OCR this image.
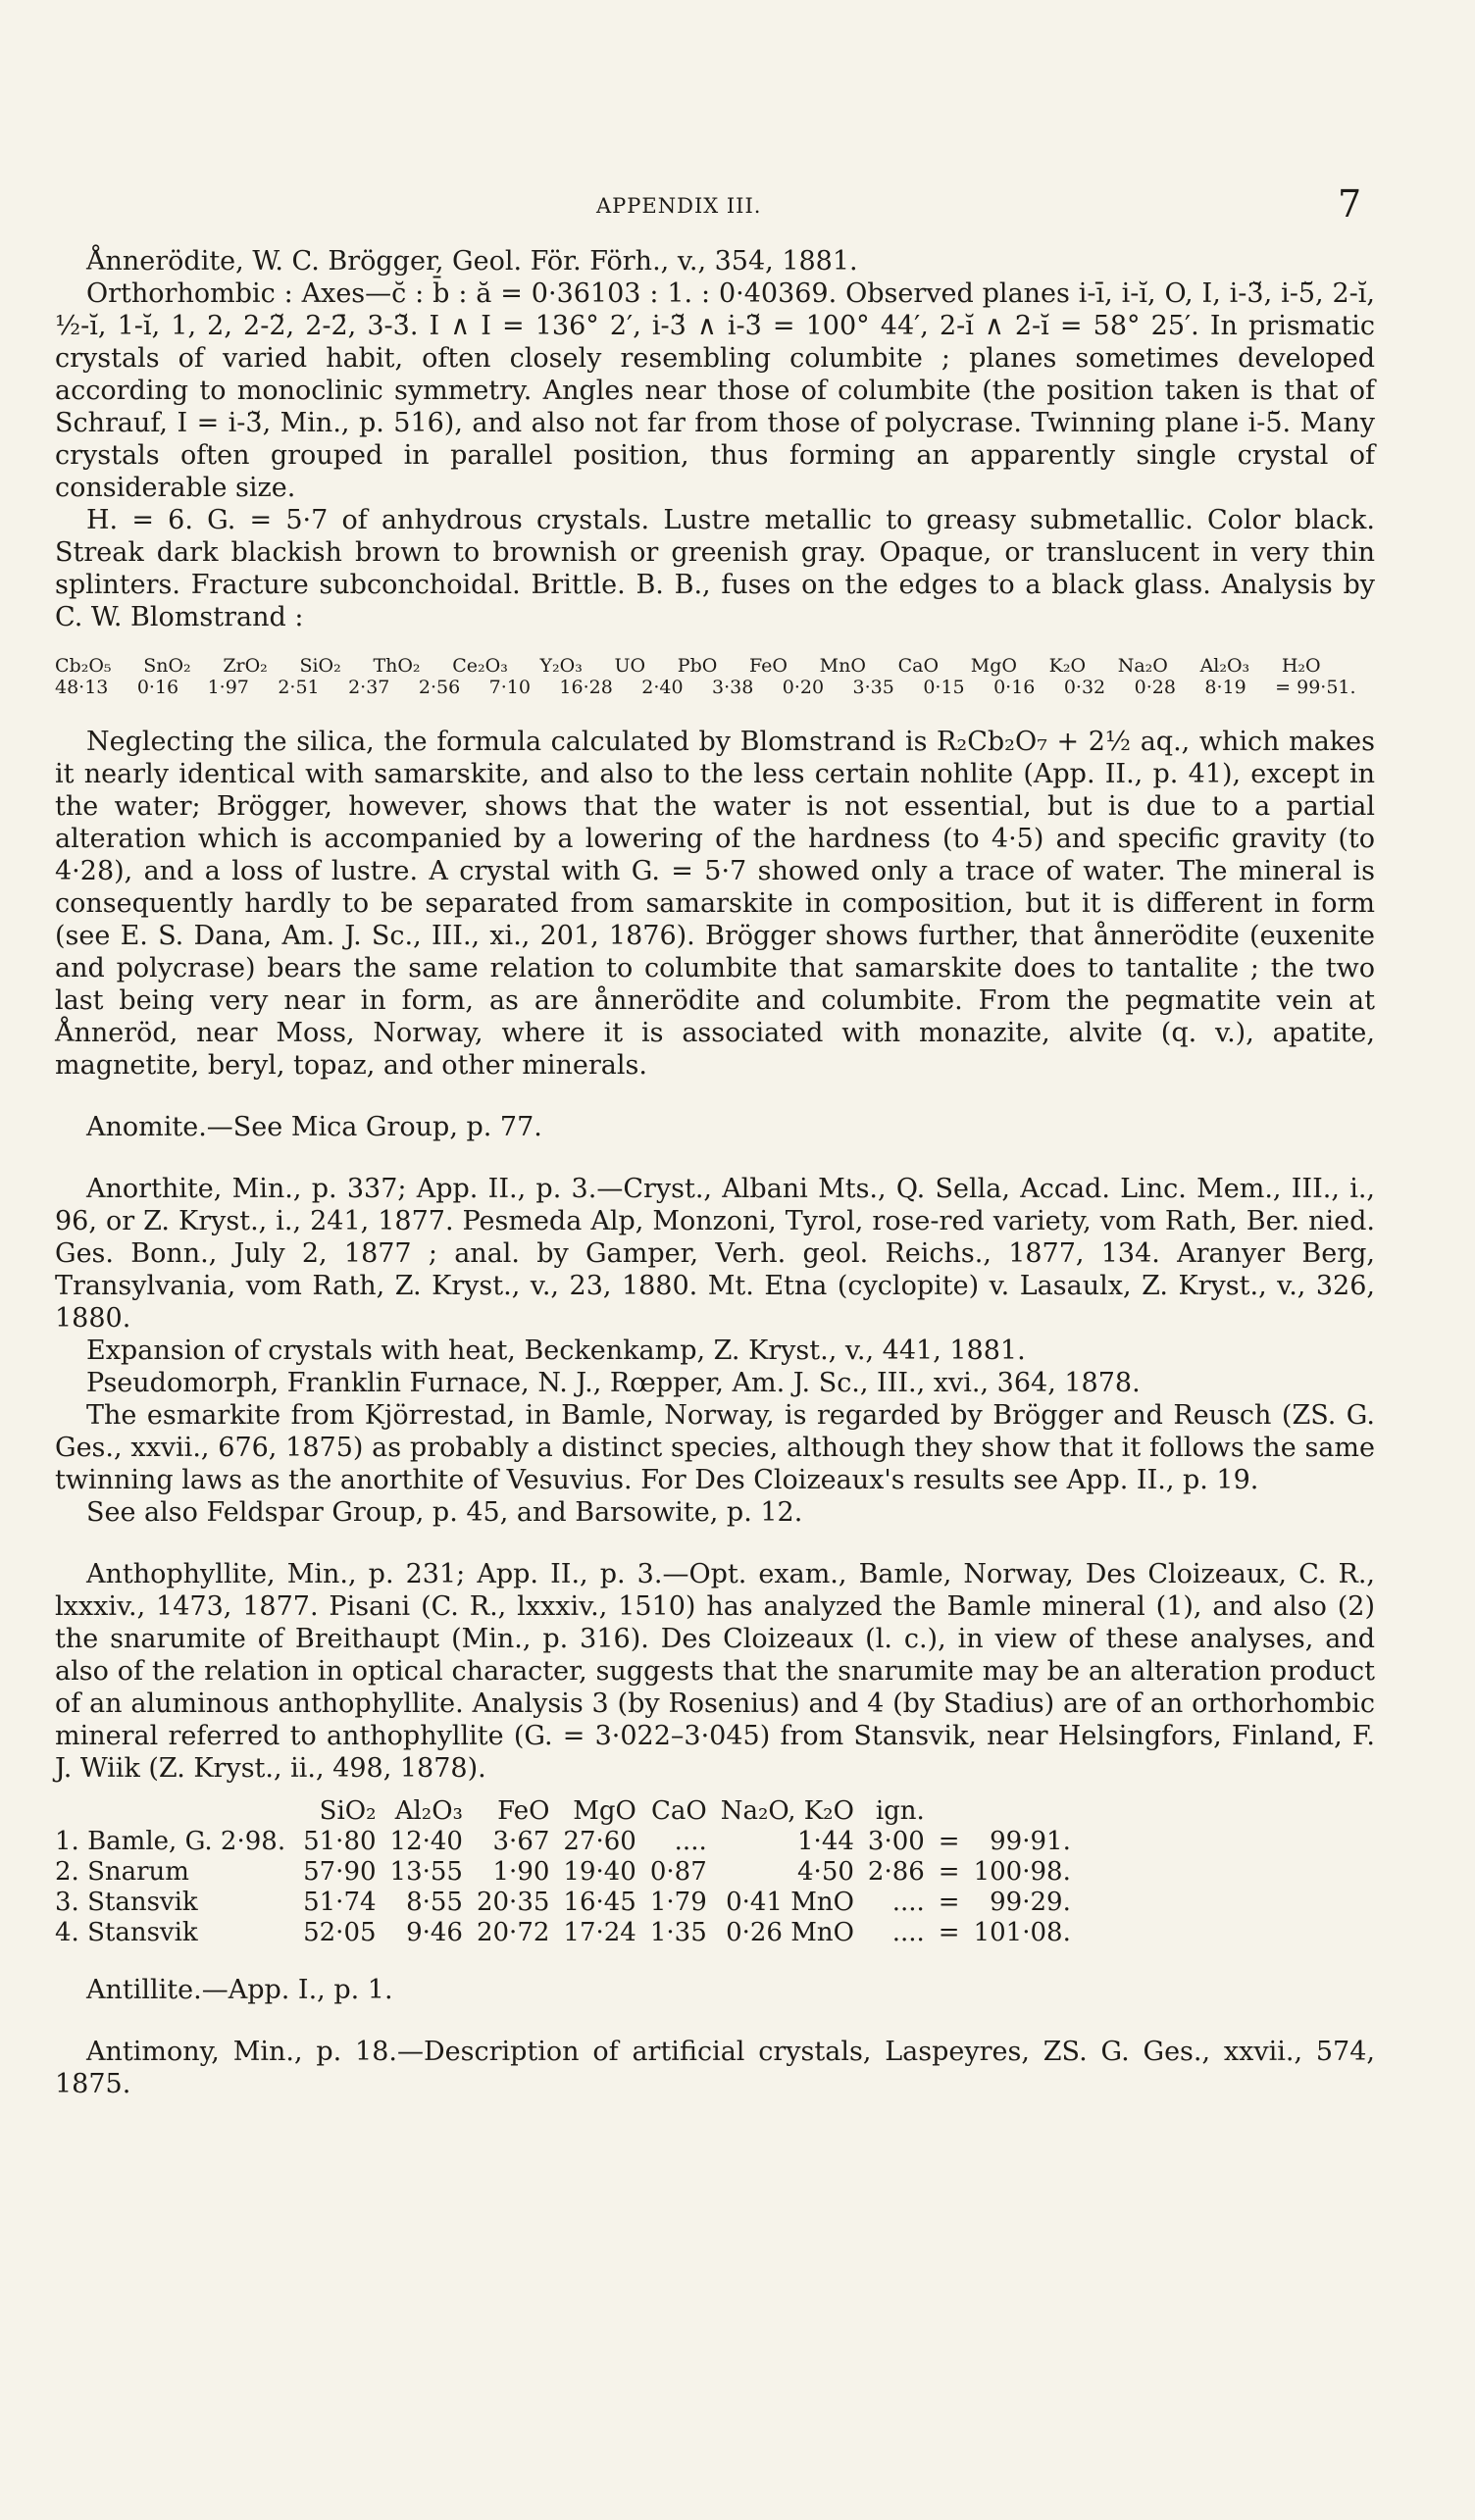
APPENDIX III.	7

Ånnerödite, W. C. Brögger, Geol. För. Förh., v., 354, 1881.

Orthorhombic : Axes—c̆ : b̄ : ă = 0·36103 : 1. : 0·40369. Observed planes i-ī, i-ĭ, O, I, i-3̆, i-5̆, 2-ĭ, ½-ĭ, 1-ĭ, 1, 2, 2-2̆, 2-2̄, 3-3̆. I ∧ I = 136° 2′, i-3̆ ∧ i-3̆ = 100° 44′, 2-ĭ ∧ 2-ĭ = 58° 25′. In prismatic crystals of varied habit, often closely resembling columbite ; planes sometimes developed according to monoclinic symmetry. Angles near those of columbite (the position taken is that of Schrauf, I = i-3̆, Min., p. 516), and also not far from those of polycrase. Twinning plane i-5̆. Many crystals often grouped in parallel position, thus forming an apparently single crystal of considerable size.

H. = 6. G. = 5·7 of anhydrous crystals. Lustre metallic to greasy submetallic. Color black. Streak dark blackish brown to brownish or greenish gray. Opaque, or translucent in very thin splinters. Fracture subconchoidal. Brittle. B. B., fuses on the edges to a black glass. Analysis by C. W. Blomstrand :

Cb₂O₅	SnO₂	ZrO₂	SiO₂	ThO₂	Ce₂O₃	Y₂O₃	UO	PbO	FeO	MnO	CaO	MgO	K₂O	Na₂O	Al₂O₃	H₂O
48·13	0·16	1·97	2·51	2·37	2·56	7·10	16·28	2·40	3·38	0·20	3·35	0·15	0·16	0·32	0·28	8·19	= 99·51.

Neglecting the silica, the formula calculated by Blomstrand is R₂Cb₂O₇ + 2½ aq., which makes it nearly identical with samarskite, and also to the less certain nohlite (App. II., p. 41), except in the water; Brögger, however, shows that the water is not essential, but is due to a partial alteration which is accompanied by a lowering of the hardness (to 4·5) and specific gravity (to 4·28), and a loss of lustre. A crystal with G. = 5·7 showed only a trace of water. The mineral is consequently hardly to be separated from samarskite in composition, but it is different in form (see E. S. Dana, Am. J. Sc., III., xi., 201, 1876). Brögger shows further, that ånnerödite (euxenite and polycrase) bears the same relation to columbite that samarskite does to tantalite ; the two last being very near in form, as are ånnerödite and columbite. From the pegmatite vein at Ånneröd, near Moss, Norway, where it is associated with monazite, alvite (q. v.), apatite, magnetite, beryl, topaz, and other minerals.

Anomite.—See Mica Group, p. 77.

Anorthite, Min., p. 337; App. II., p. 3.—Cryst., Albani Mts., Q. Sella, Accad. Linc. Mem., III., i., 96, or Z. Kryst., i., 241, 1877. Pesmeda Alp, Monzoni, Tyrol, rose-red variety, vom Rath, Ber. nied. Ges. Bonn., July 2, 1877 ; anal. by Gamper, Verh. geol. Reichs., 1877, 134. Aranyer Berg, Transylvania, vom Rath, Z. Kryst., v., 23, 1880. Mt. Etna (cyclopite) v. Lasaulx, Z. Kryst., v., 326, 1880.

Expansion of crystals with heat, Beckenkamp, Z. Kryst., v., 441, 1881.

Pseudomorph, Franklin Furnace, N. J., Rœpper, Am. J. Sc., III., xvi., 364, 1878.

The esmarkite from Kjörrestad, in Bamle, Norway, is regarded by Brögger and Reusch (ZS. G. Ges., xxvii., 676, 1875) as probably a distinct species, although they show that it follows the same twinning laws as the anorthite of Vesuvius. For Des Cloizeaux's results see App. II., p. 19.

See also Feldspar Group, p. 45, and Barsowite, p. 12.

Anthophyllite, Min., p. 231; App. II., p. 3.—Opt. exam., Bamle, Norway, Des Cloizeaux, C. R., lxxxiv., 1473, 1877. Pisani (C. R., lxxxiv., 1510) has analyzed the Bamle mineral (1), and also (2) the snarumite of Breithaupt (Min., p. 316). Des Cloizeaux (l. c.), in view of these analyses, and also of the relation in optical character, suggests that the snarumite may be an alteration product of an aluminous anthophyllite. Analysis 3 (by Rosenius) and 4 (by Stadius) are of an orthorhombic mineral referred to anthophyllite (G. = 3·022–3·045) from Stansvik, near Helsingfors, Finland, F. J. Wiik (Z. Kryst., ii., 498, 1878).

	SiO₂	Al₂O₃	FeO	MgO	CaO	Na₂O, K₂O	ign.		
1. Bamle, G. 2·98.	51·80	12·40	3·67	27·60	....	1·44	3·00	=	99·91.
2. Snarum	57·90	13·55	1·90	19·40	0·87	4·50	2·86	=	100·98.
3. Stansvik	51·74	8·55	20·35	16·45	1·79	0·41 MnO	....	=	99·29.
4. Stansvik	52·05	9·46	20·72	17·24	1·35	0·26 MnO	....	=	101·08.

Antillite.—App. I., p. 1.

Antimony, Min., p. 18.—Description of artificial crystals, Laspeyres, ZS. G. Ges., xxvii., 574, 1875.
